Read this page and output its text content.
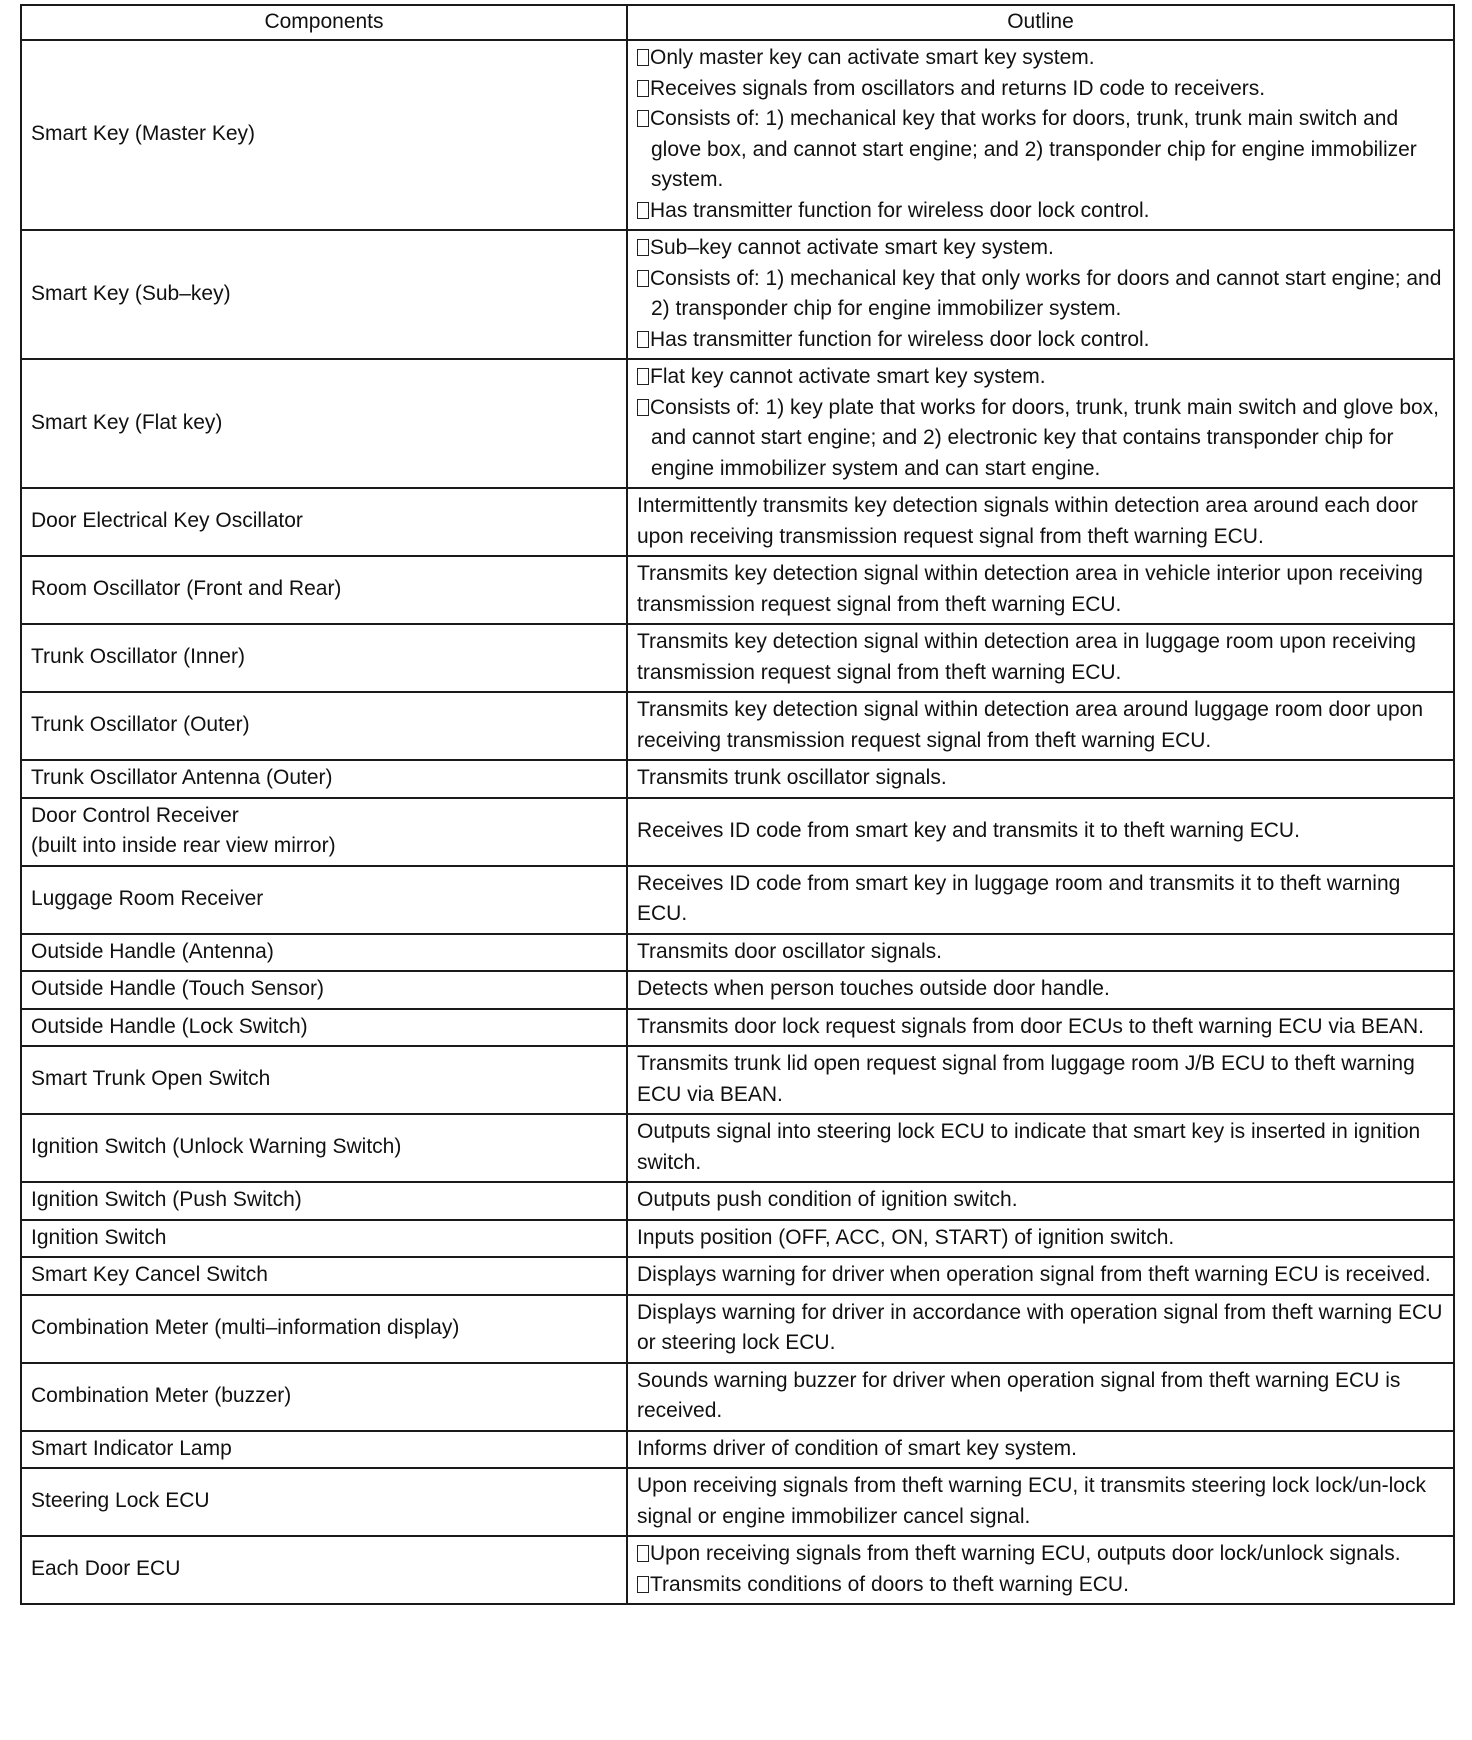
Components	Outline
Smart Key (Master Key)	Only master key can activate smart key system.
Receives signals from oscillators and returns ID code to receivers.
Consists of: 1) mechanical key that works for doors, trunk, trunk main switch and glove box, and cannot start engine; and 2) transponder chip for engine immobilizer system.
Has transmitter function for wireless door lock control.

Smart Key (Sub–key)	Sub–key cannot activate smart key system.
Consists of: 1) mechanical key that only works for doors and cannot start engine; and 2) transponder chip for engine immobilizer system.
Has transmitter function for wireless door lock control.

Smart Key (Flat key)	Flat key cannot activate smart key system.
Consists of: 1) key plate that works for doors, trunk, trunk main switch and glove box, and cannot start engine; and 2) electronic key that contains transponder chip for engine immobilizer system and can start engine.

Door Electrical Key Oscillator	Intermittently transmits key detection signals within detection area around each door upon receiving transmission request signal from theft warning ECU.
Room Oscillator (Front and Rear)	Transmits key detection signal within detection area in vehicle interior upon receiving transmission request signal from theft warning ECU.
Trunk Oscillator (Inner)	Transmits key detection signal within detection area in luggage room upon receiving transmission request signal from theft warning ECU.
Trunk Oscillator (Outer)	Transmits key detection signal within detection area around luggage room door upon receiving transmission request signal from theft warning ECU.
Trunk Oscillator Antenna (Outer)	Transmits trunk oscillator signals.

Door Control Receiver
(built into inside rear view mirror)	Receives ID code from smart key and transmits it to theft warning ECU.
Luggage Room Receiver	Receives ID code from smart key in luggage room and transmits it to theft warning ECU.
Outside Handle (Antenna)	Transmits door oscillator signals.
Outside Handle (Touch Sensor)	Detects when person touches outside door handle.
Outside Handle (Lock Switch)	Transmits door lock request signals from door ECUs to theft warning ECU via BEAN.
Smart Trunk Open Switch	Transmits trunk lid open request signal from luggage room J/B ECU to theft warning ECU via BEAN.
Ignition Switch (Unlock Warning Switch)	Outputs signal into steering lock ECU to indicate that smart key is inserted in ignition switch.
Ignition Switch (Push Switch)	Outputs push condition of ignition switch.
Ignition Switch	Inputs position (OFF, ACC, ON, START) of ignition switch.
Smart Key Cancel Switch	Displays warning for driver when operation signal from theft warning ECU is received.
Combination Meter (multi–information display)	Displays warning for driver in accordance with operation signal from theft warning ECU or steering lock ECU.
Combination Meter (buzzer)	Sounds warning buzzer for driver when operation signal from theft warning ECU is received.
Smart Indicator Lamp	Informs driver of condition of smart key system.
Steering Lock ECU	Upon receiving signals from theft warning ECU, it transmits steering lock lock/un-lock signal or engine immobilizer cancel signal.
Each Door ECU	Upon receiving signals from theft warning ECU, outputs door lock/unlock signals.
Transmits conditions of doors to theft warning ECU.
